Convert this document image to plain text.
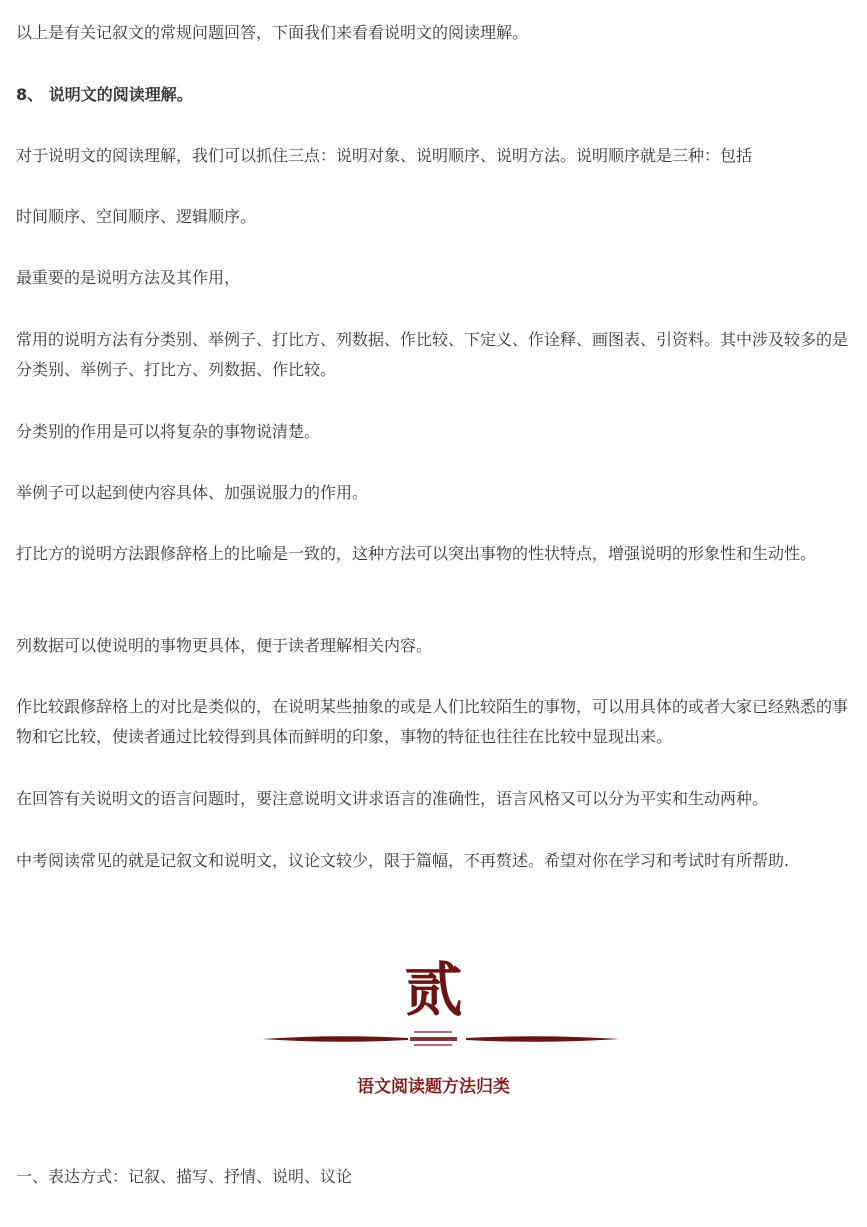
以上是有关记叙文的常规问题回答，下面我们来看看说明文的阅读理解。

8、 说明文的阅读理解。

对于说明文的阅读理解，我们可以抓住三点：说明对象、说明顺序、说明方法。说明顺序就是三种：包括

时间顺序、空间顺序、逻辑顺序。

最重要的是说明方法及其作用，

常用的说明方法有分类别、举例子、打比方、列数据、作比较、下定义、作诠释、画图表、引资料。其中涉及较多的是分类别、举例子、打比方、列数据、作比较。

分类别的作用是可以将复杂的事物说清楚。

举例子可以起到使内容具体、加强说服力的作用。

打比方的说明方法跟修辞格上的比喻是一致的，这种方法可以突出事物的性状特点，增强说明的形象性和生动性。

列数据可以使说明的事物更具体，便于读者理解相关内容。

作比较跟修辞格上的对比是类似的，在说明某些抽象的或是人们比较陌生的事物，可以用具体的或者大家已经熟悉的事物和它比较，使读者通过比较得到具体而鲜明的印象，事物的特征也往往在比较中显现出来。

在回答有关说明文的语言问题时，要注意说明文讲求语言的准确性，语言风格又可以分为平实和生动两种。

中考阅读常见的就是记叙文和说明文，议论文较少，限于篇幅，不再赘述。希望对你在学习和考试时有所帮助.

贰
语文阅读题方法归类

一、表达方式：记叙、描写、抒情、说明、议论
